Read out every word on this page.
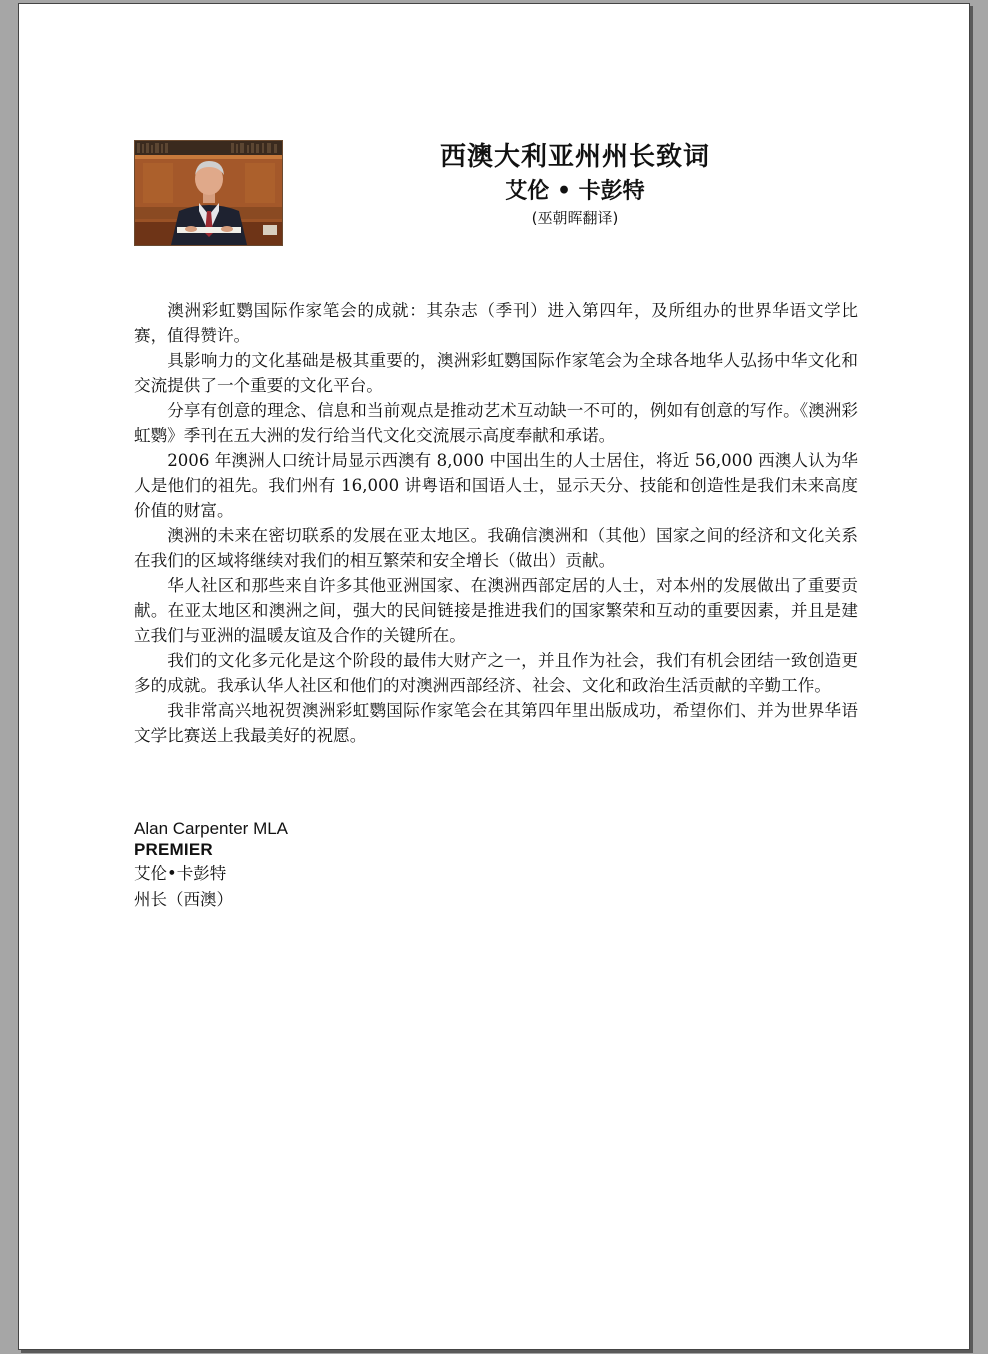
西澳大利亚州州长致词
艾伦 • 卡彭特

(巫朝晖翻译)

澳洲彩虹鹦国际作家笔会的成就：其杂志（季刊）进入第四年，及所组办的世界华语文学比赛，值得赞许。

具影响力的文化基础是极其重要的，澳洲彩虹鹦国际作家笔会为全球各地华人弘扬中华文化和交流提供了一个重要的文化平台。

分享有创意的理念、信息和当前观点是推动艺术互动缺一不可的，例如有创意的写作。《澳洲彩虹鹦》季刊在五大洲的发行给当代文化交流展示高度奉献和承诺。

2006 年澳洲人口统计局显示西澳有 8,000 中国出生的人士居住，将近 56,000 西澳人认为华人是他们的祖先。我们州有 16,000 讲粤语和国语人士，显示天分、技能和创造性是我们未来高度价值的财富。

澳洲的未来在密切联系的发展在亚太地区。我确信澳洲和（其他）国家之间的经济和文化关系在我们的区域将继续对我们的相互繁荣和安全增长（做出）贡献。

华人社区和那些来自许多其他亚洲国家、在澳洲西部定居的人士，对本州的发展做出了重要贡献。在亚太地区和澳洲之间，强大的民间链接是推进我们的国家繁荣和互动的重要因素，并且是建立我们与亚洲的温暖友谊及合作的关键所在。

我们的文化多元化是这个阶段的最伟大财产之一，并且作为社会，我们有机会团结一致创造更多的成就。我承认华人社区和他们的对澳洲西部经济、社会、文化和政治生活贡献的辛勤工作。

我非常高兴地祝贺澳洲彩虹鹦国际作家笔会在其第四年里出版成功，希望你们、并为世界华语文学比赛送上我最美好的祝愿。

Alan Carpenter MLA
PREMIER
艾伦•卡彭特
州长（西澳）
